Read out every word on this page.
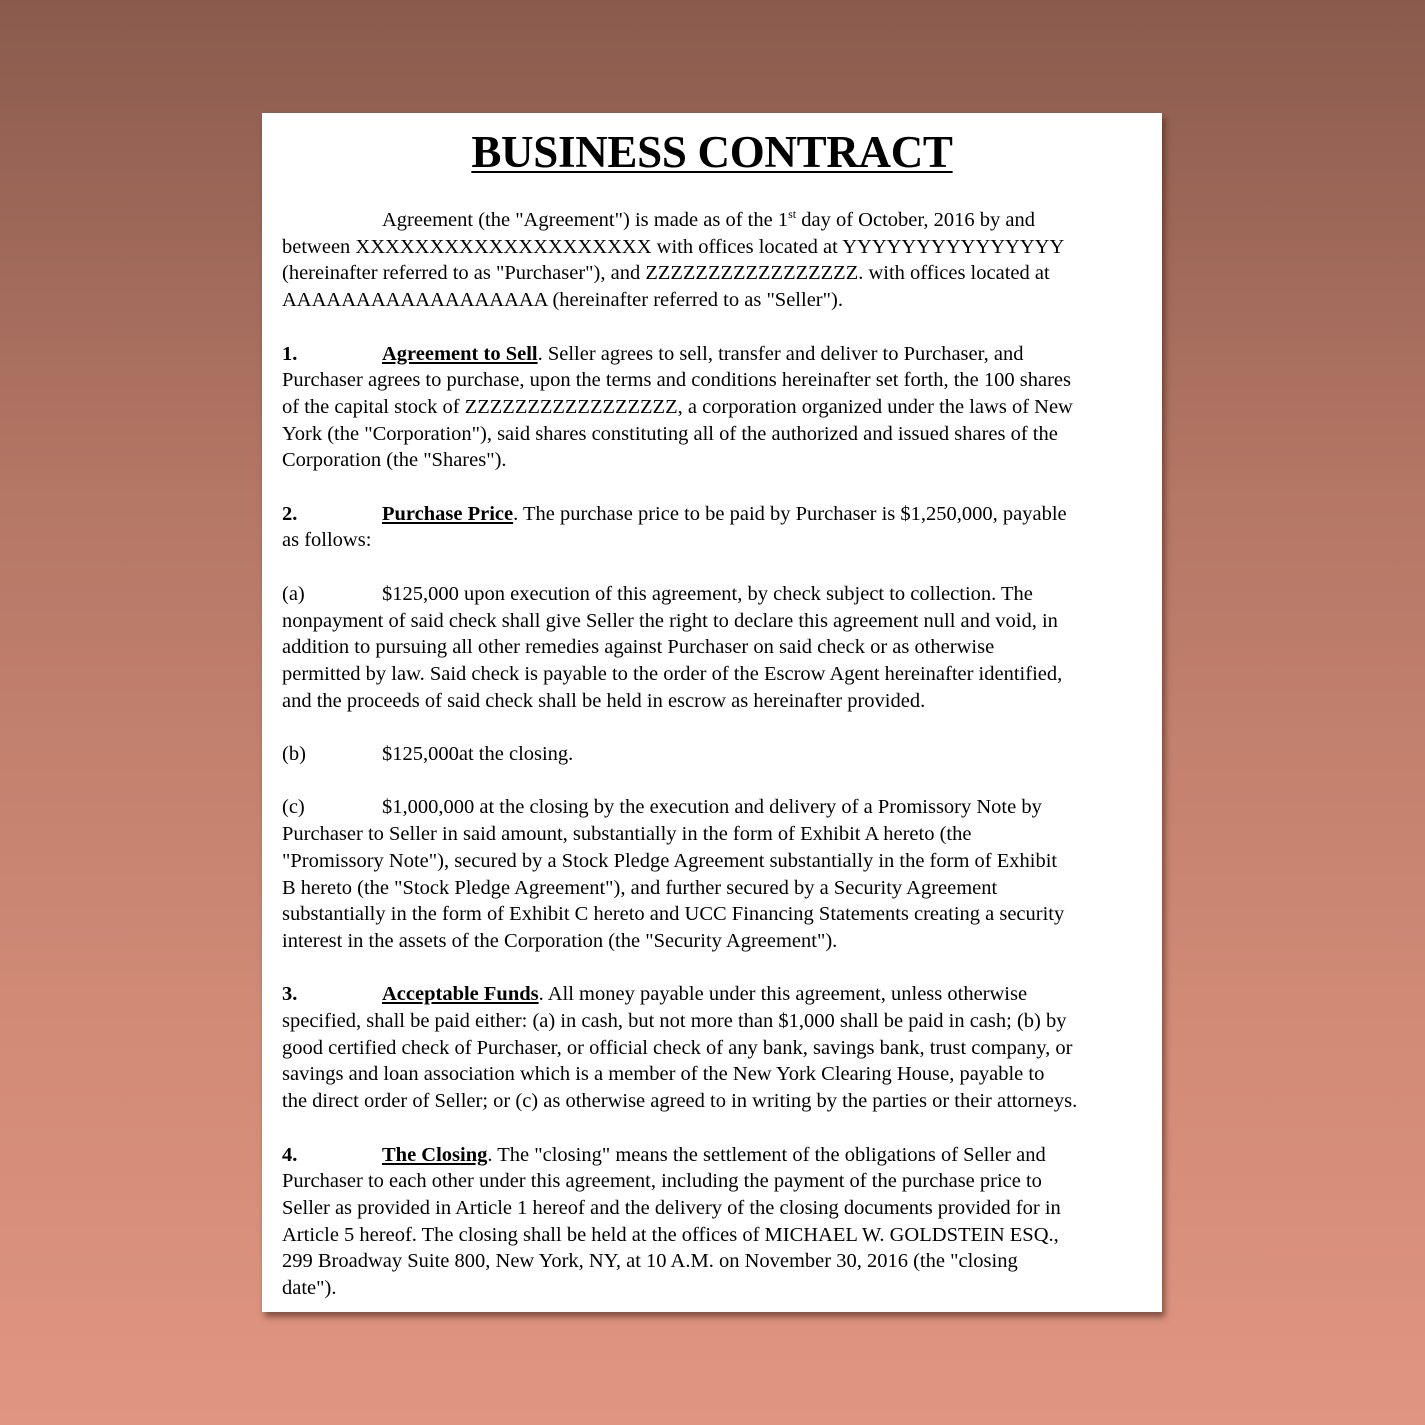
BUSINESS CONTRACT
Agreement (the "Agreement") is made as of the 1st day of October, 2016 by and
between XXXXXXXXXXXXXXXXXXXX with offices located at YYYYYYYYYYYYYYY
(hereinafter referred to as "Purchaser"), and ZZZZZZZZZZZZZZZZZ. with offices located at
AAAAAAAAAAAAAAAAAA (hereinafter referred to as "Seller").
1.	Agreement to Sell. Seller agrees to sell, transfer and deliver to Purchaser, and
Purchaser agrees to purchase, upon the terms and conditions hereinafter set forth, the 100 shares
of the capital stock of ZZZZZZZZZZZZZZZZZ, a corporation organized under the laws of New
York (the "Corporation"), said shares constituting all of the authorized and issued shares of the
Corporation (the "Shares").
2.	Purchase Price. The purchase price to be paid by Purchaser is $1,250,000, payable
as follows:
(a)	$125,000 upon execution of this agreement, by check subject to collection. The
nonpayment of said check shall give Seller the right to declare this agreement null and void, in
addition to pursuing all other remedies against Purchaser on said check or as otherwise
permitted by law. Said check is payable to the order of the Escrow Agent hereinafter identified,
and the proceeds of said check shall be held in escrow as hereinafter provided.
(b)	$125,000at the closing.
(c)	$1,000,000 at the closing by the execution and delivery of a Promissory Note by
Purchaser to Seller in said amount, substantially in the form of Exhibit A hereto (the
"Promissory Note"), secured by a Stock Pledge Agreement substantially in the form of Exhibit
B hereto (the "Stock Pledge Agreement"), and further secured by a Security Agreement
substantially in the form of Exhibit C hereto and UCC Financing Statements creating a security
interest in the assets of the Corporation (the "Security Agreement").
3.	Acceptable Funds. All money payable under this agreement, unless otherwise
specified, shall be paid either: (a) in cash, but not more than $1,000 shall be paid in cash; (b) by
good certified check of Purchaser, or official check of any bank, savings bank, trust company, or
savings and loan association which is a member of the New York Clearing House, payable to
the direct order of Seller; or (c) as otherwise agreed to in writing by the parties or their attorneys.
4.	The Closing. The "closing" means the settlement of the obligations of Seller and
Purchaser to each other under this agreement, including the payment of the purchase price to
Seller as provided in Article 1 hereof and the delivery of the closing documents provided for in
Article 5 hereof. The closing shall be held at the offices of MICHAEL W. GOLDSTEIN ESQ.,
299 Broadway Suite 800, New York, NY, at 10 A.M. on November 30, 2016 (the "closing
date").
